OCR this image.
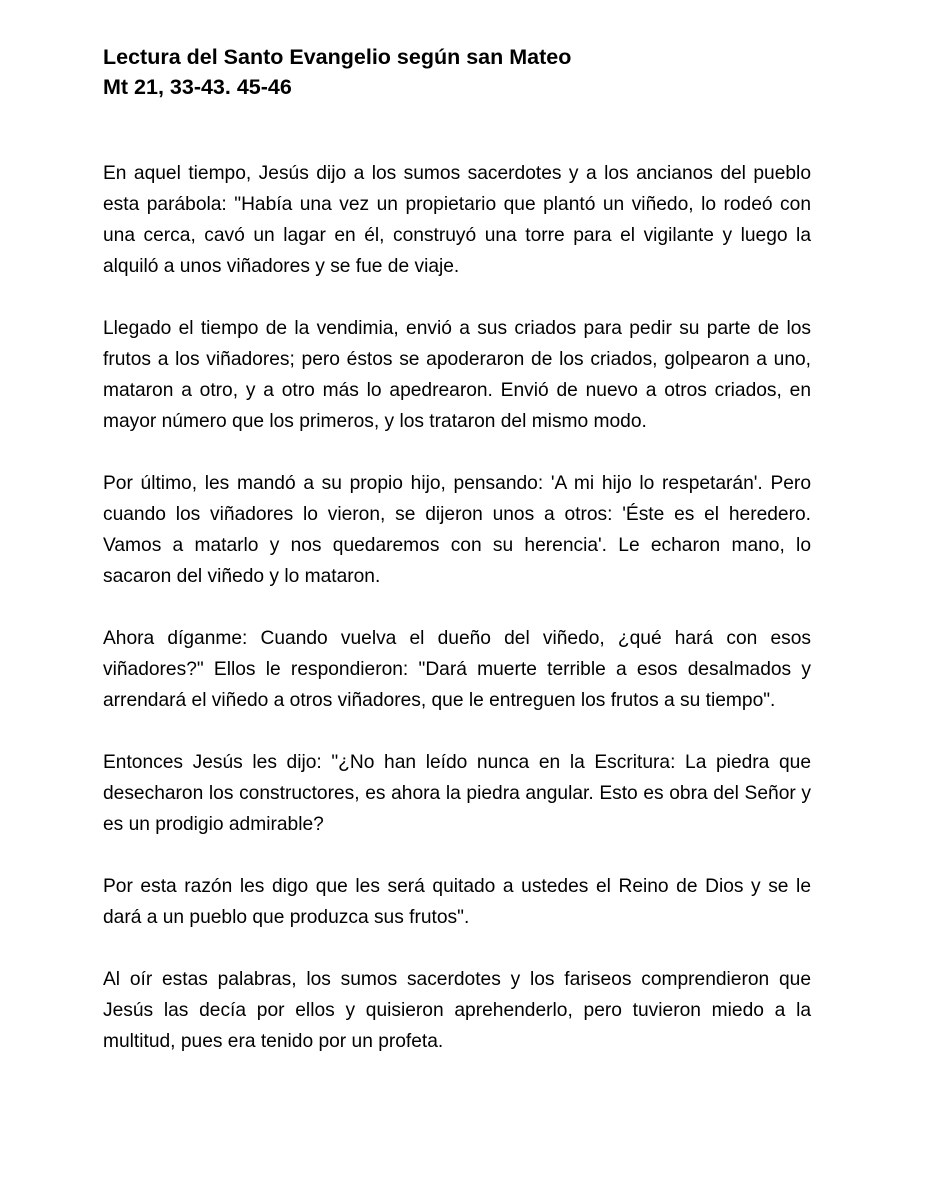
Lectura del Santo Evangelio según san Mateo

Mt 21, 33-43. 45-46

En aquel tiempo, Jesús dijo a los sumos sacerdotes y a los ancianos del pueblo esta parábola: "Había una vez un propietario que plantó un viñedo, lo rodeó con una cerca, cavó un lagar en él, construyó una torre para el vigilante y luego la alquiló a unos viñadores y se fue de viaje.

Llegado el tiempo de la vendimia, envió a sus criados para pedir su parte de los frutos a los viñadores; pero éstos se apoderaron de los criados, golpearon a uno, mataron a otro, y a otro más lo apedrearon. Envió de nuevo a otros criados, en mayor número que los primeros, y los trataron del mismo modo.

Por último, les mandó a su propio hijo, pensando: 'A mi hijo lo respetarán'. Pero cuando los viñadores lo vieron, se dijeron unos a otros: 'Éste es el heredero. Vamos a matarlo y nos quedaremos con su herencia'. Le echaron mano, lo sacaron del viñedo y lo mataron.

Ahora díganme: Cuando vuelva el dueño del viñedo, ¿qué hará con esos viñadores?" Ellos le respondieron: "Dará muerte terrible a esos desalmados y arrendará el viñedo a otros viñadores, que le entreguen los frutos a su tiempo".

Entonces Jesús les dijo: "¿No han leído nunca en la Escritura: La piedra que desecharon los constructores, es ahora la piedra angular. Esto es obra del Señor y es un prodigio admirable?

Por esta razón les digo que les será quitado a ustedes el Reino de Dios y se le dará a un pueblo que produzca sus frutos".

Al oír estas palabras, los sumos sacerdotes y los fariseos comprendieron que Jesús las decía por ellos y quisieron aprehenderlo, pero tuvieron miedo a la multitud, pues era tenido por un profeta.
